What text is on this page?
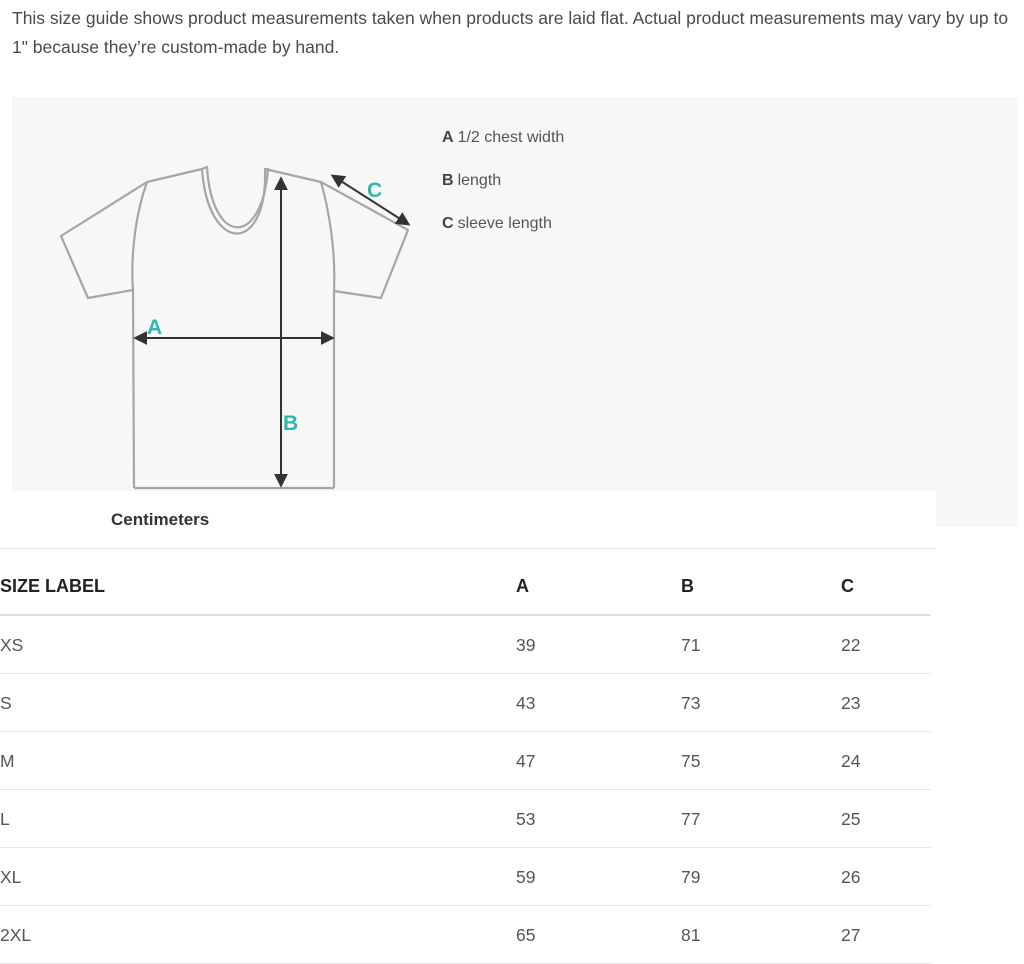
This size guide shows product measurements taken when products are laid flat. Actual product measurements may vary by up to 1" because they’re custom-made by hand.

A
B
C
A 1/2 chest width
B length
C sleeve length
Centimeters
SIZE LABEL	A	B	C
XS	39	71	22
S	43	73	23
M	47	75	24
L	53	77	25
XL	59	79	26
2XL	65	81	27
